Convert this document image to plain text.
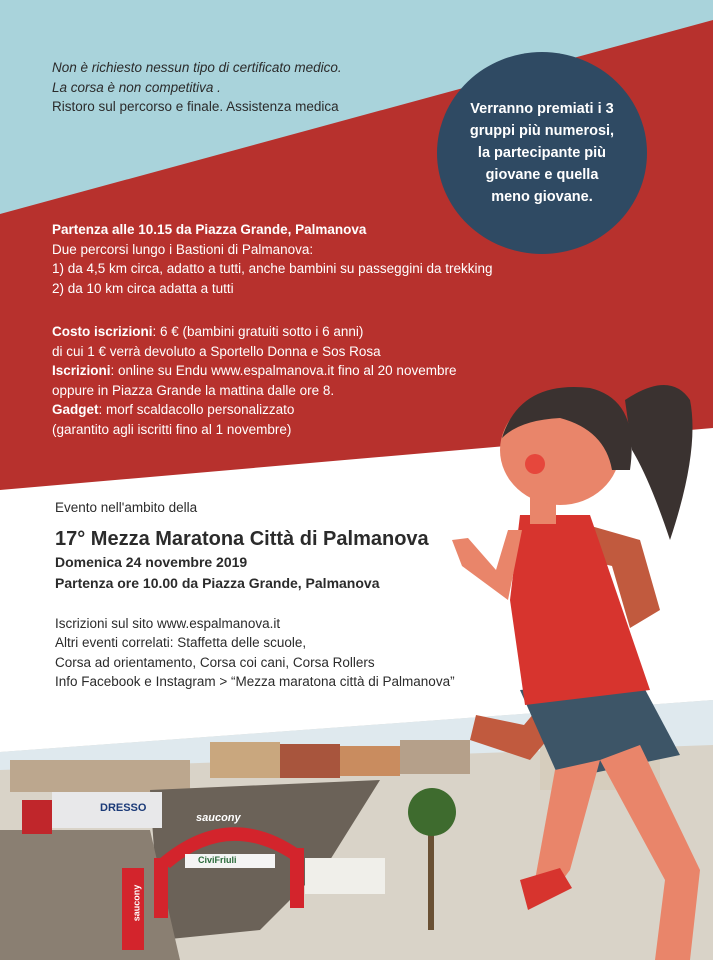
Non è richiesto nessun tipo di certificato medico.
La corsa è non competitiva .
Ristoro sul percorso e finale. Assistenza medica	Verranno premiati i 3
gruppi più numerosi,
la partecipante più
giovane e quella
meno giovane.
Partenza alle 10.15 da Piazza Grande, Palmanova
Due percorsi lungo i Bastioni di Palmanova:
1) da 4,5 km circa, adatto a tutti, anche bambini su passeggini da trekking
2) da 10 km circa adatta a tutti
Costo iscrizioni: 6 € (bambini gratuiti sotto i 6 anni)
di cui 1 € verrà devoluto a Sportello Donna e Sos Rosa
Iscrizioni: online su Endu www.espalmanova.it fino al 20 novembre
oppure in Piazza Grande la mattina dalle ore 8.
Gadget: morf scaldacollo personalizzato
(garantito agli iscritti fino al 1 novembre)
Evento nell'ambito della
17° Mezza Maratona Città di Palmanova
Domenica 24 novembre 2019
Partenza ore 10.00 da Piazza Grande, Palmanova
Iscrizioni sul sito www.espalmanova.it
Altri eventi correlati: Staffetta delle scuole,
Corsa ad orientamento, Corsa coi cani, Corsa Rollers
Info Facebook e Instagram > “Mezza maratona città di Palmanova”
saucony
DRESSO
CiviFriuli
saucony
